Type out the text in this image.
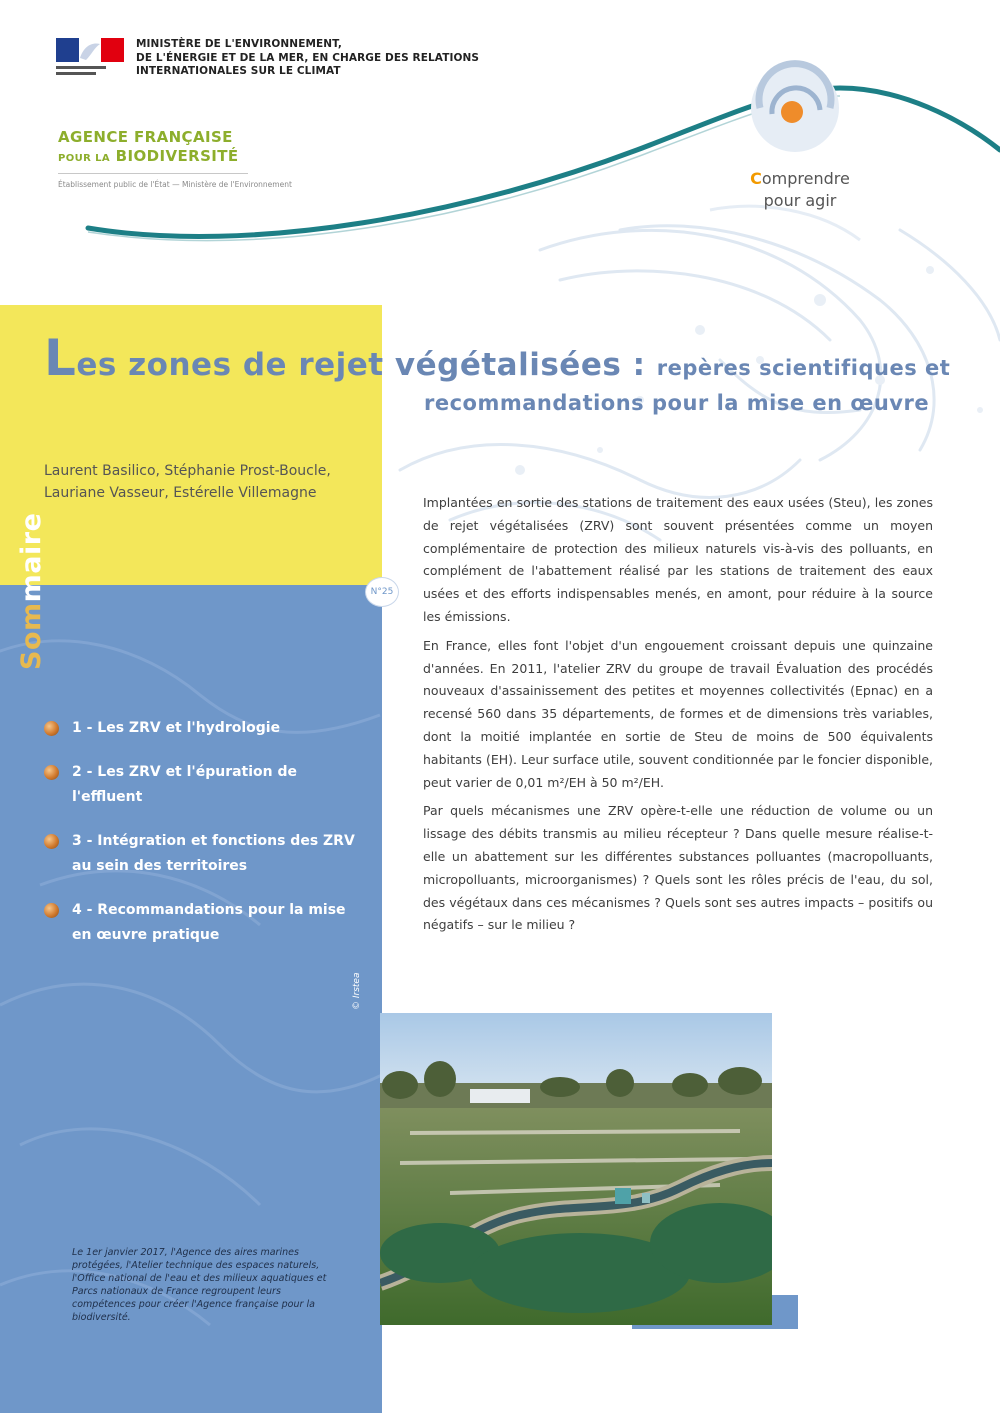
MINISTÈRE DE L'ENVIRONNEMENT,
DE L'ÉNERGIE ET DE LA MER, EN CHARGE DES RELATIONS
INTERNATIONALES SUR LE CLIMAT
AGENCE FRANÇAISE
POUR LA BIODIVERSITÉ
Établissement public de l'État — Ministère de l'Environnement	Comprendre
pour agir
Les zones de rejet végétalisées : repères scientifiques et
recommandations pour la mise en œuvre
Laurent Basilico, Stéphanie Prost-Boucle,
Lauriane Vasseur, Estérelle Villemagne
Sommaire	N°25
1 - Les ZRV et l'hydrologie
2 - Les ZRV et l'épuration de l'effluent
3 - Intégration et fonctions des ZRV au sein des territoires
4 - Recommandations pour la mise en œuvre pratique

Implantées en sortie des stations de traitement des eaux usées (Steu), les zones de rejet végétalisées (ZRV) sont souvent présentées comme un moyen complémentaire de protection des milieux naturels vis-à-vis des polluants, en complément de l'abattement réalisé par les stations de traitement des eaux usées et des efforts indispensables menés, en amont, pour réduire à la source les émissions.

En France, elles font l'objet d'un engouement croissant depuis une quinzaine d'années. En 2011, l'atelier ZRV du groupe de travail Évaluation des procédés nouveaux d'assainissement des petites et moyennes collectivités (Epnac) en a recensé 560 dans 35 départements, de formes et de dimensions très variables, dont la moitié implantée en sortie de Steu de moins de 500 équivalents habitants (EH). Leur surface utile, souvent conditionnée par le foncier disponible, peut varier de 0,01 m²/EH à 50 m²/EH.

Par quels mécanismes une ZRV opère-t-elle une réduction de volume ou un lissage des débits transmis au milieu récepteur ? Dans quelle mesure réalise-t-elle un abattement sur les différentes substances polluantes (macropolluants, micropolluants, microorganismes) ? Quels sont les rôles précis de l'eau, du sol, des végétaux dans ces mécanismes ? Quels sont ses autres impacts – positifs ou négatifs – sur le milieu ?

© Irstea
Le 1er janvier 2017, l'Agence des aires marines protégées, l'Atelier technique des espaces naturels, l'Office national de l'eau et des milieux aquatiques et Parcs nationaux de France regroupent leurs compétences pour créer l'Agence française pour la biodiversité.
